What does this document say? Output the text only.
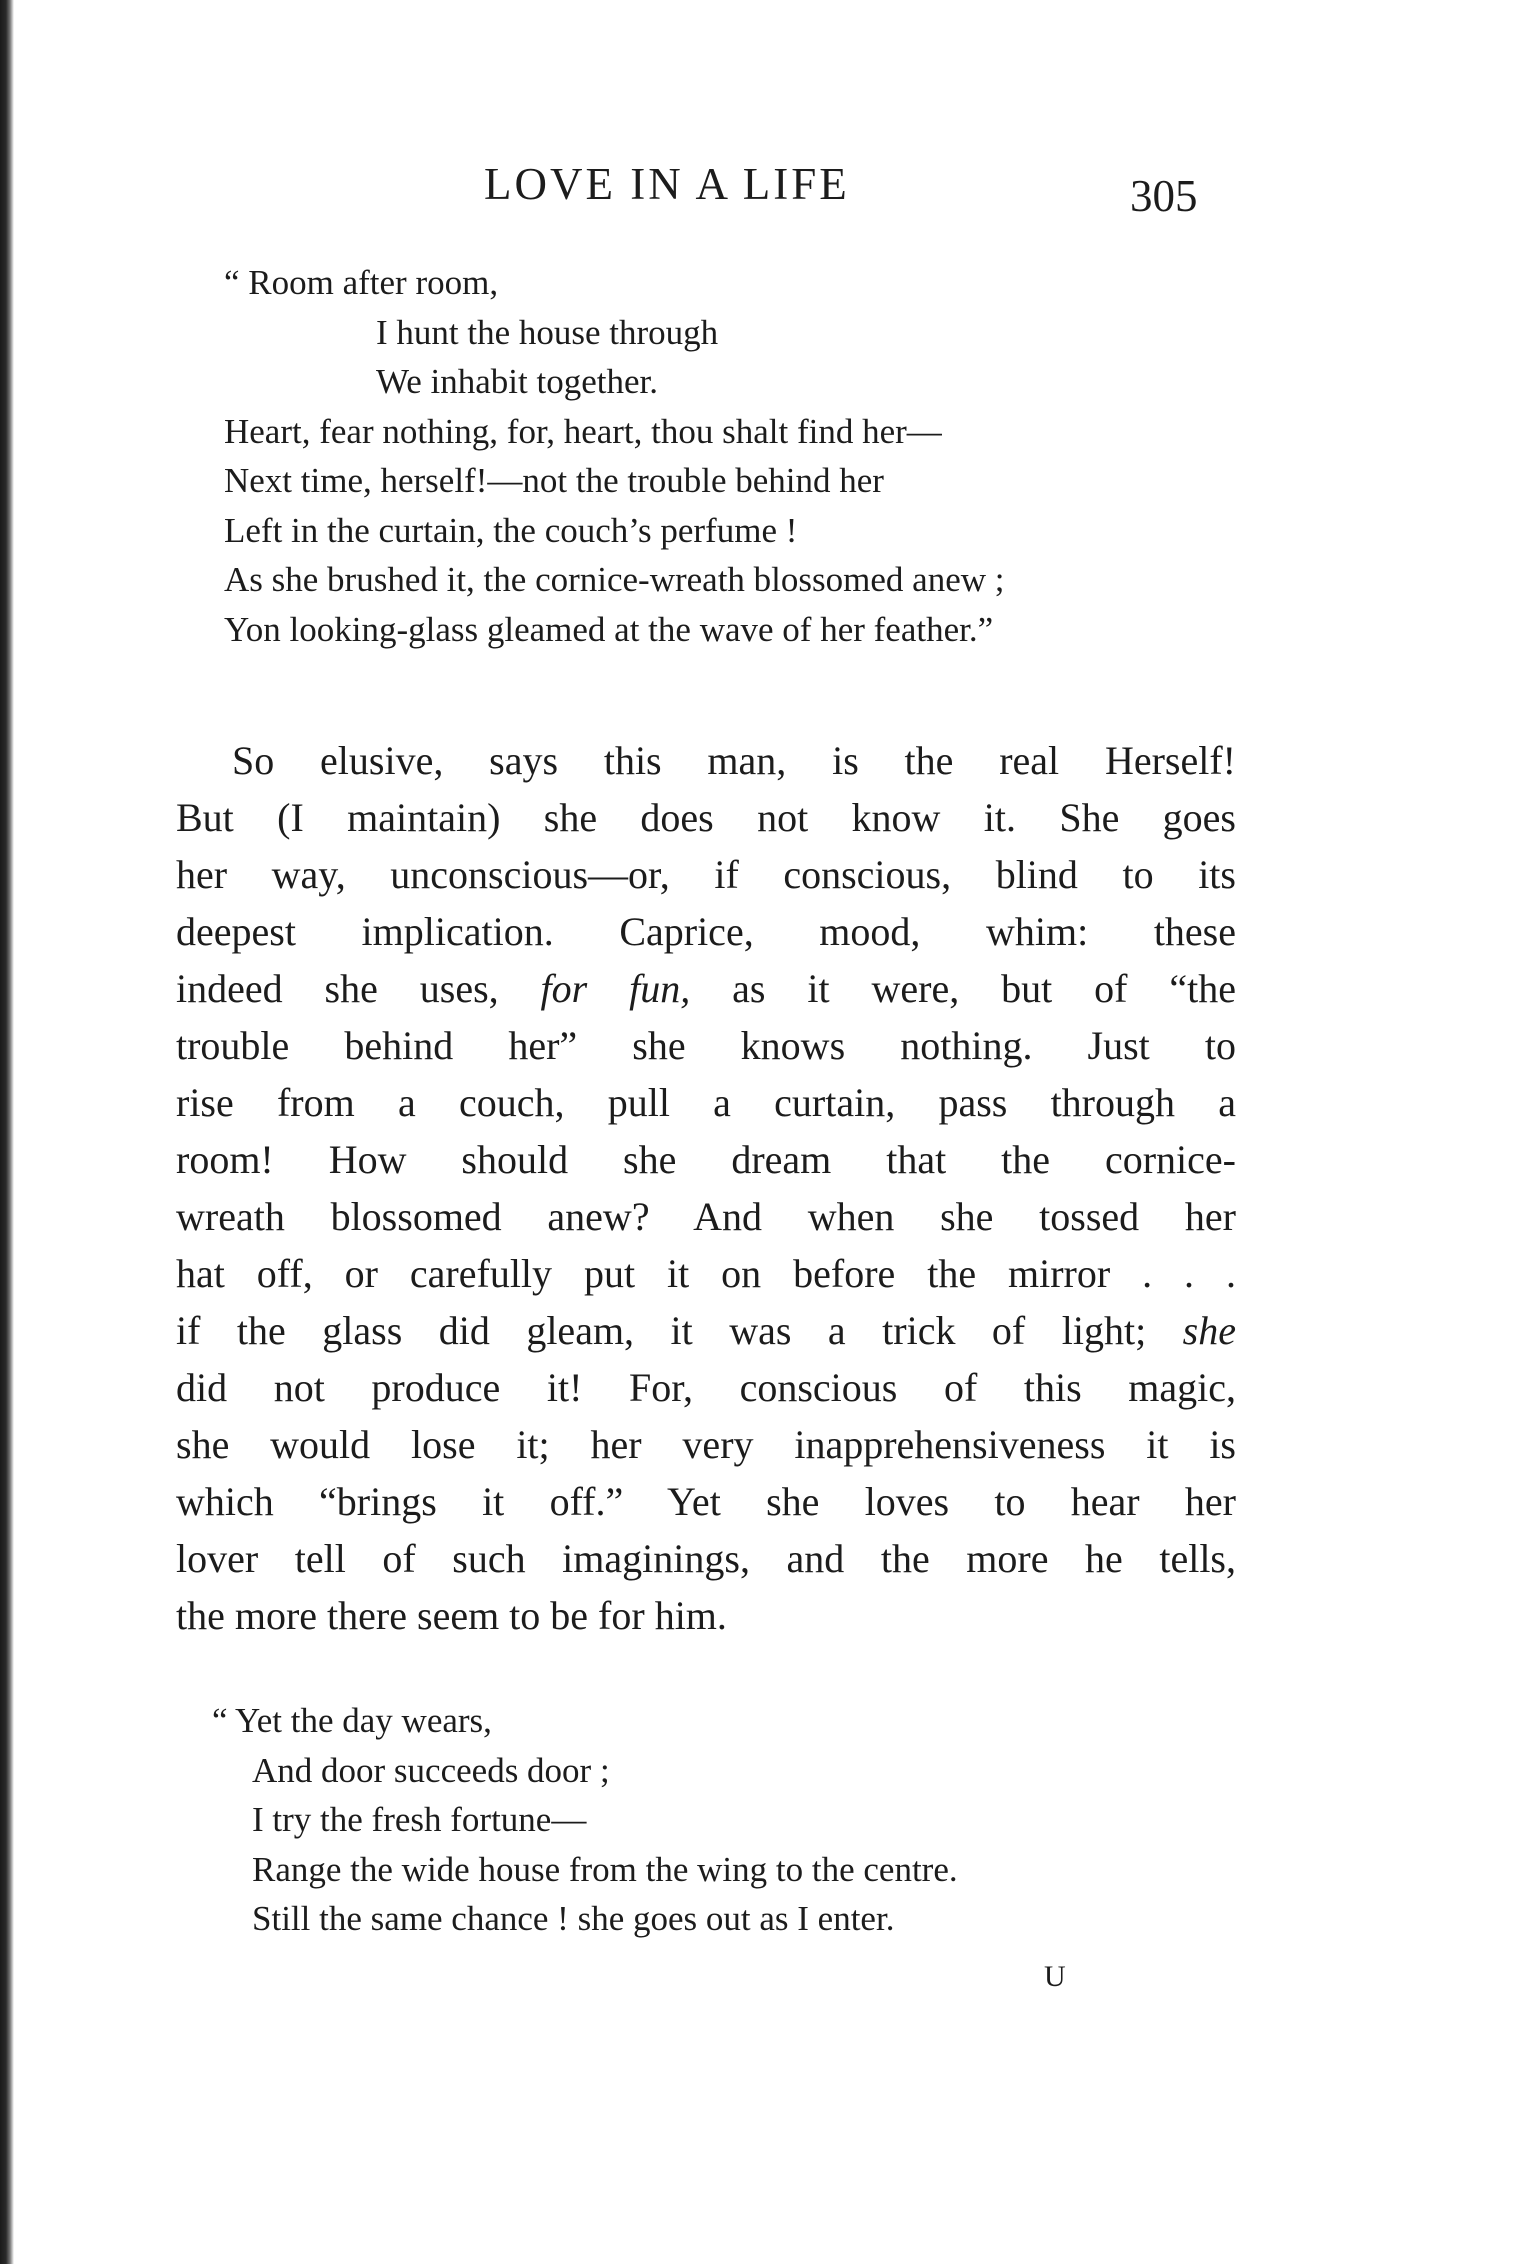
LOVE IN A LIFE	305
“ Room after room,
I hunt the house through
We inhabit together.
Heart, fear nothing, for, heart, thou shalt find her—
Next time, herself!—not the trouble behind her
Left in the curtain, the couch’s perfume !
As she brushed it, the cornice-wreath blossomed anew ;
Yon looking-glass gleamed at the wave of her feather.”
So elusive, says this man, is the real Herself!
But (I maintain) she does not know it. She goes
her way, unconscious—or, if conscious, blind to its
deepest implication. Caprice, mood, whim: these
indeed she uses, for fun, as it were, but of “the
trouble behind her” she knows nothing. Just to
rise from a couch, pull a curtain, pass through a
room! How should she dream that the cornice-
wreath blossomed anew? And when she tossed her
hat off, or carefully put it on before the mirror . . .
if the glass did gleam, it was a trick of light; she
did not produce it! For, conscious of this magic,
she would lose it; her very inapprehensiveness it is
which “brings it off.” Yet she loves to hear her
lover tell of such imaginings, and the more he tells,
the more there seem to be for him.
“ Yet the day wears,
And door succeeds door ;
I try the fresh fortune—
Range the wide house from the wing to the centre.
Still the same chance ! she goes out as I enter.
U
